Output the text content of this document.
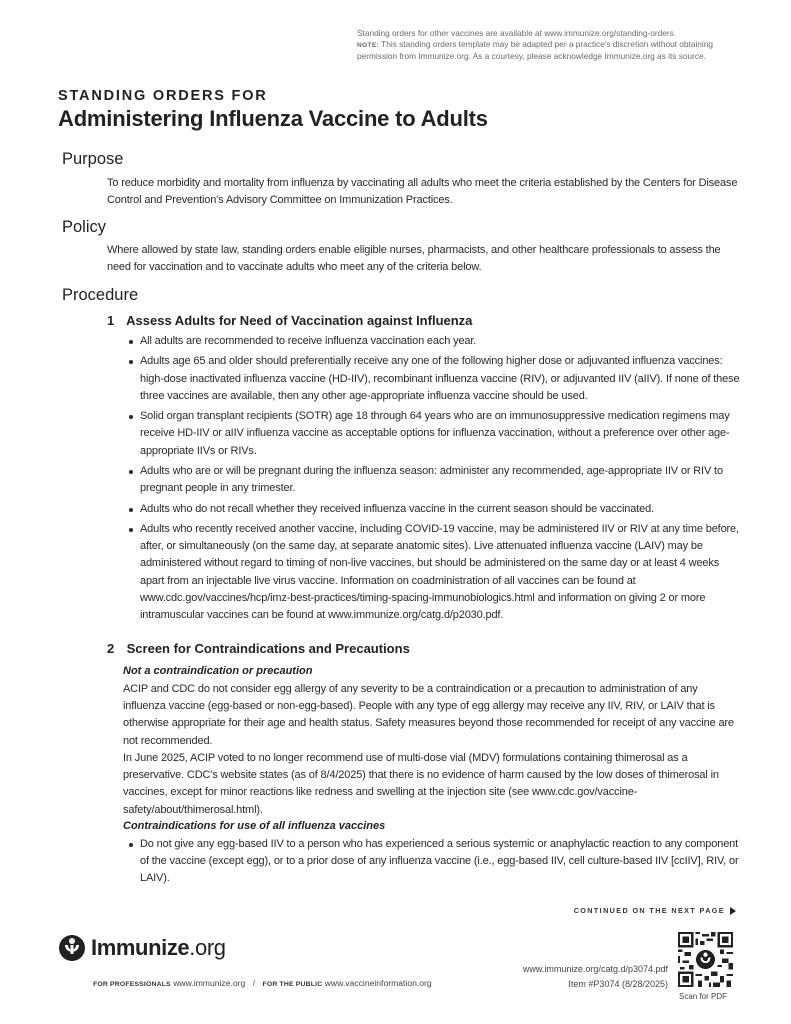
Standing orders for other vaccines are available at www.immunize.org/standing-orders.
NOTE: This standing orders template may be adapted per a practice's discretion without obtaining permission from Immunize.org. As a courtesy, please acknowledge Immunize.org as its source.
STANDING ORDERS FOR
Administering Influenza Vaccine to Adults
Purpose
To reduce morbidity and mortality from influenza by vaccinating all adults who meet the criteria established by the Centers for Disease Control and Prevention's Advisory Committee on Immunization Practices.
Policy
Where allowed by state law, standing orders enable eligible nurses, pharmacists, and other healthcare professionals to assess the need for vaccination and to vaccinate adults who meet any of the criteria below.
Procedure
1 Assess Adults for Need of Vaccination against Influenza
All adults are recommended to receive influenza vaccination each year.
Adults age 65 and older should preferentially receive any one of the following higher dose or adjuvanted influenza vaccines: high-dose inactivated influenza vaccine (HD-IIV), recombinant influenza vaccine (RIV), or adjuvanted IIV (aIIV). If none of these three vaccines are available, then any other age-appropriate influenza vaccine should be used.
Solid organ transplant recipients (SOTR) age 18 through 64 years who are on immunosuppressive medication regimens may receive HD-IIV or aIIV influenza vaccine as acceptable options for influenza vaccination, without a preference over other age-appropriate IIVs or RIVs.
Adults who are or will be pregnant during the influenza season: administer any recommended, age-appropriate IIV or RIV to pregnant people in any trimester.
Adults who do not recall whether they received influenza vaccine in the current season should be vaccinated.
Adults who recently received another vaccine, including COVID-19 vaccine, may be administered IIV or RIV at any time before, after, or simultaneously (on the same day, at separate anatomic sites). Live attenuated influenza vaccine (LAIV) may be administered without regard to timing of non-live vaccines, but should be administered on the same day or at least 4 weeks apart from an injectable live virus vaccine. Information on coadministration of all vaccines can be found at www.cdc.gov/vaccines/hcp/imz-best-practices/timing-spacing-immunobiologics.html and information on giving 2 or more intramuscular vaccines can be found at www.immunize.org/catg.d/p2030.pdf.
2 Screen for Contraindications and Precautions
Not a contraindication or precaution
ACIP and CDC do not consider egg allergy of any severity to be a contraindication or a precaution to administration of any influenza vaccine (egg-based or non-egg-based). People with any type of egg allergy may receive any IIV, RIV, or LAIV that is otherwise appropriate for their age and health status. Safety measures beyond those recommended for receipt of any vaccine are not recommended.
In June 2025, ACIP voted to no longer recommend use of multi-dose vial (MDV) formulations containing thimerosal as a preservative. CDC's website states (as of 8/4/2025) that there is no evidence of harm caused by the low doses of thimerosal in vaccines, except for minor reactions like redness and swelling at the injection site (see www.cdc.gov/vaccine-safety/about/thimerosal.html).
Contraindications for use of all influenza vaccines
Do not give any egg-based IIV to a person who has experienced a serious systemic or anaphylactic reaction to any component of the vaccine (except egg), or to a prior dose of any influenza vaccine (i.e., egg-based IIV, cell culture-based IIV [ccIIV], RIV, or LAIV).
CONTINUED ON THE NEXT PAGE
Immunize.org
FOR PROFESSIONALS www.immunize.org / FOR THE PUBLIC www.vaccineinformation.org
www.immunize.org/catg.d/p3074.pdf
Item #P3074 (8/28/2025)
Scan for PDF
